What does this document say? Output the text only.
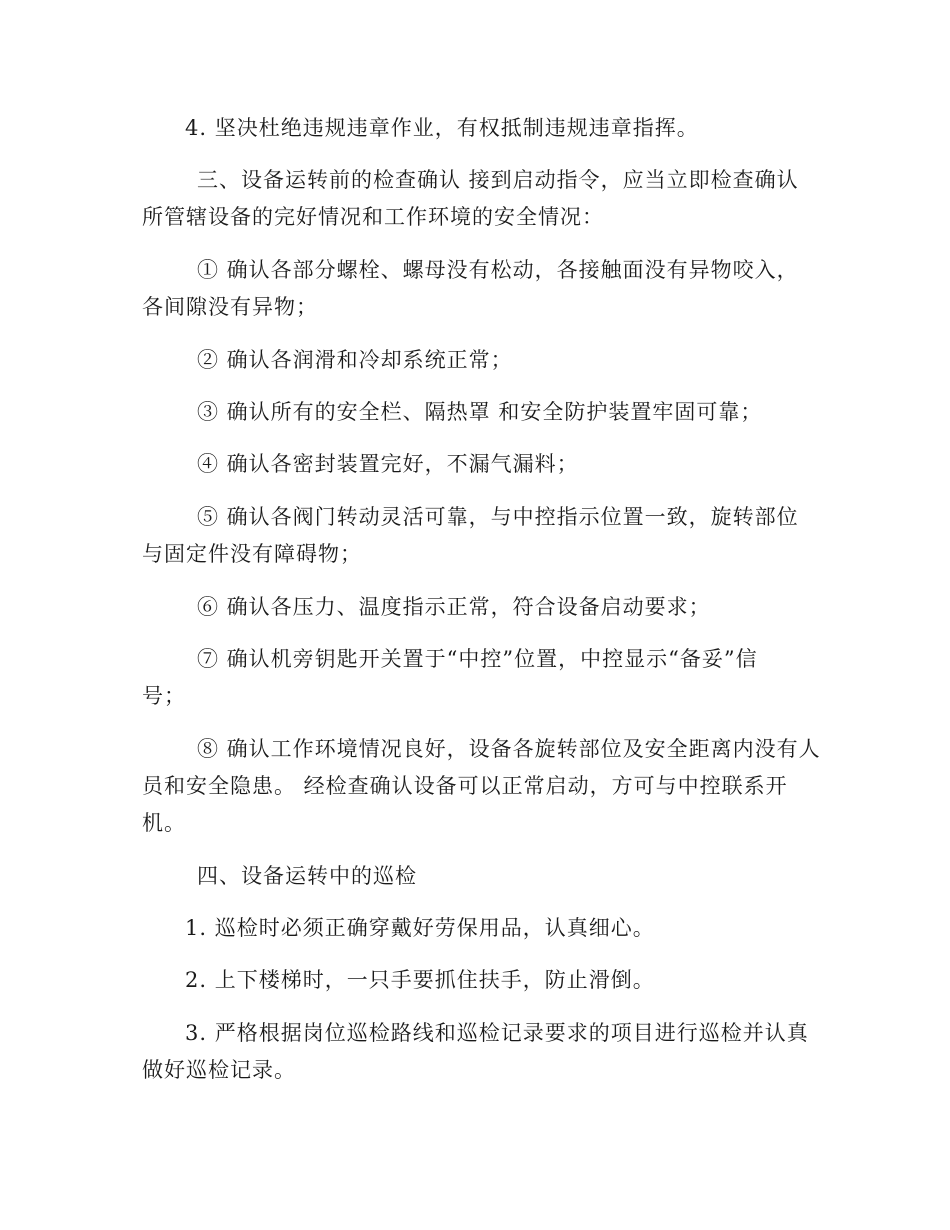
4. 坚决杜绝违规违章作业，有权抵制违规违章指挥。
三、设备运转前的检查确认 接到启动指令，应当立即检查确认
所管辖设备的完好情况和工作环境的安全情况：
① 确认各部分螺栓、螺母没有松动，各接触面没有异物咬入，
各间隙没有异物；
② 确认各润滑和冷却系统正常；
③ 确认所有的安全栏、隔热罩 和安全防护装置牢固可靠；
④ 确认各密封装置完好，不漏气漏料；
⑤ 确认各阀门转动灵活可靠，与中控指示位置一致，旋转部位
与固定件没有障碍物；
⑥ 确认各压力、温度指示正常，符合设备启动要求；
⑦ 确认机旁钥匙开关置于“中控”位置，中控显示“备妥”信
号；
⑧ 确认工作环境情况良好，设备各旋转部位及安全距离内没有人
员和安全隐患。 经检查确认设备可以正常启动，方可与中控联系开
机。
四、设备运转中的巡检
1. 巡检时必须正确穿戴好劳保用品，认真细心。
2. 上下楼梯时，一只手要抓住扶手，防止滑倒。
3. 严格根据岗位巡检路线和巡检记录要求的项目进行巡检并认真
做好巡检记录。
